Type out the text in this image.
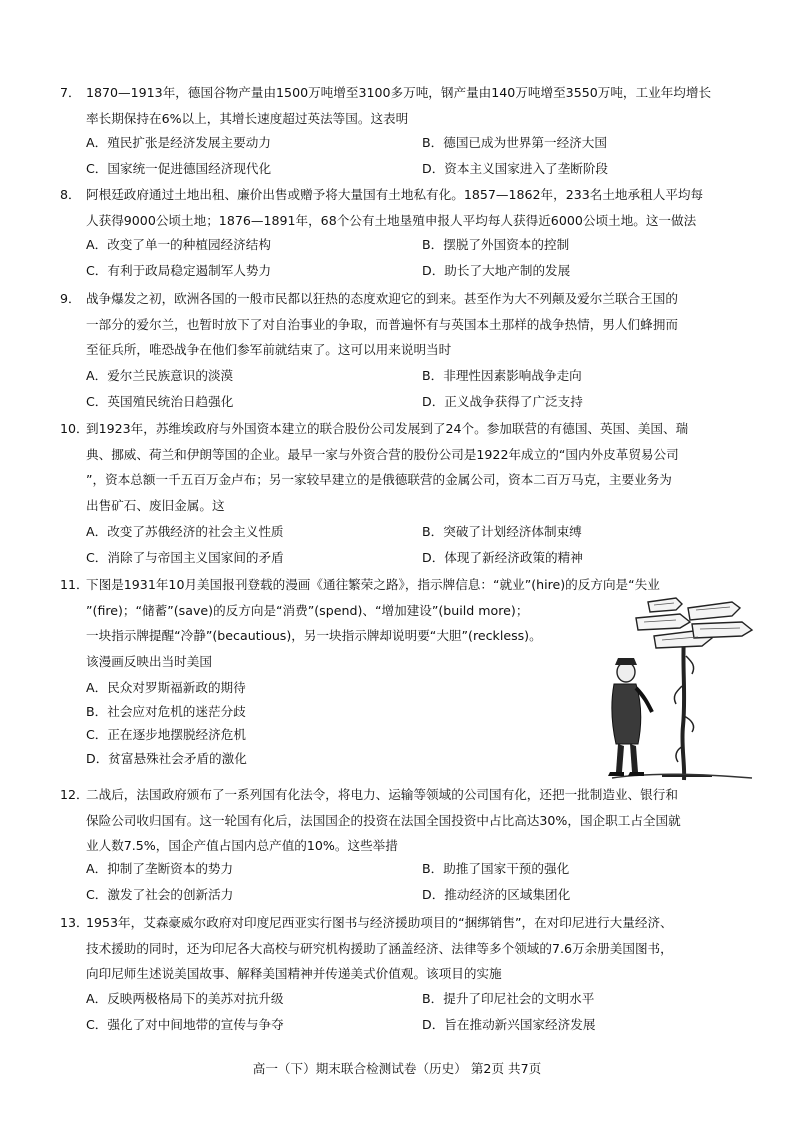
7． 1870—1913年，德国谷物产量由1500万吨增至3100多万吨，钢产量由140万吨增至3550万吨，工业年均增长
率长期保持在6%以上，其增长速度超过英法等国。这表明
A．殖民扩张是经济发展主要动力	B．德国已成为世界第一经济大国
C．国家统一促进德国经济现代化	D．资本主义国家进入了垄断阶段
8． 阿根廷政府通过土地出租、廉价出售或赠予将大量国有土地私有化。1857—1862年，233名土地承租人平均每
人获得9000公顷土地；1876—1891年，68个公有土地垦殖申报人平均每人获得近6000公顷土地。这一做法
A．改变了单一的种植园经济结构	B．摆脱了外国资本的控制
C．有利于政局稳定遏制军人势力	D．助长了大地产制的发展
9． 战争爆发之初，欧洲各国的一般市民都以狂热的态度欢迎它的到来。甚至作为大不列颠及爱尔兰联合王国的
一部分的爱尔兰，也暂时放下了对自治事业的争取，而普遍怀有与英国本土那样的战争热情，男人们蜂拥而
至征兵所，唯恐战争在他们参军前就结束了。这可以用来说明当时
A．爱尔兰民族意识的淡漠	B．非理性因素影响战争走向
C．英国殖民统治日趋强化	D．正义战争获得了广泛支持
10．到1923年，苏维埃政府与外国资本建立的联合股份公司发展到了24个。参加联营的有德国、英国、美国、瑞
典、挪威、荷兰和伊朗等国的企业。最早一家与外资合营的股份公司是1922年成立的“国内外皮革贸易公司
”，资本总额一千五百万金卢布；另一家较早建立的是俄德联营的金属公司，资本二百万马克，主要业务为
出售矿石、废旧金属。这
A．改变了苏俄经济的社会主义性质	B．突破了计划经济体制束缚
C．消除了与帝国主义国家间的矛盾	D．体现了新经济政策的精神
11．下图是1931年10月美国报刊登载的漫画《通往繁荣之路》，指示牌信息：“就业”(hire)的反方向是“失业
”(fire)；“储蓄”(save)的反方向是“消费”(spend)、“增加建设”(build more)；
一块指示牌提醒“冷静”(becautious)，另一块指示牌却说明要“大胆”(reckless)。
该漫画反映出当时美国
A．民众对罗斯福新政的期待
B．社会应对危机的迷茫分歧
C．正在逐步地摆脱经济危机
D．贫富悬殊社会矛盾的激化
12．二战后，法国政府颁布了一系列国有化法令，将电力、运输等领域的公司国有化，还把一批制造业、银行和
保险公司收归国有。这一轮国有化后，法国国企的投资在法国全国投资中占比高达30%，国企职工占全国就
业人数7.5%，国企产值占国内总产值的10%。这些举措
A．抑制了垄断资本的势力	B．助推了国家干预的强化
C．激发了社会的创新活力	D．推动经济的区域集团化
13．1953年，艾森豪威尔政府对印度尼西亚实行图书与经济援助项目的“捆绑销售”，在对印尼进行大量经济、
技术援助的同时，还为印尼各大高校与研究机构援助了涵盖经济、法律等多个领域的7.6万余册美国图书，
向印尼师生述说美国故事、解释美国精神并传递美式价值观。该项目的实施
A．反映两极格局下的美苏对抗升级	B．提升了印尼社会的文明水平
C．强化了对中间地带的宣传与争夺	D．旨在推动新兴国家经济发展
高一（下）期末联合检测试卷（历史） 第2页 共7页
